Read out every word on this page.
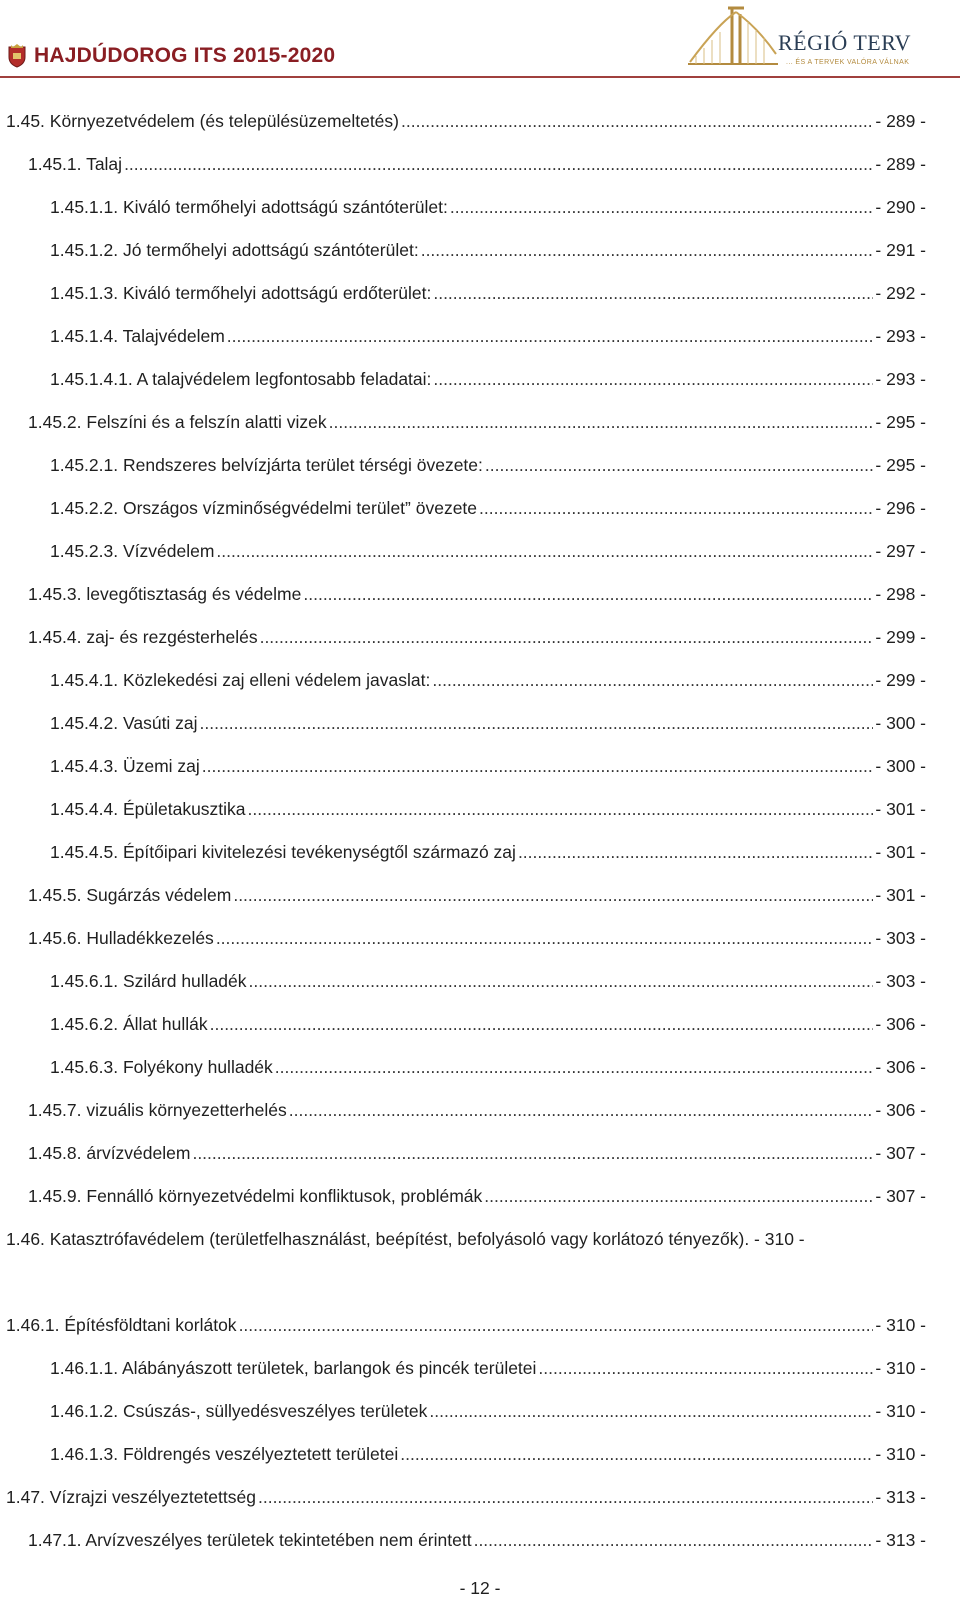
HAJDÚDOROG ITS 2015-2020
RÉGIÓ TERV
... ÉS A TERVEK VALÓRA VÁLNAK
1.45. Környezetvédelem (és településüzemeltetés) .....	- 289 -
1.45.1. Talaj .....	- 289 -
1.45.1.1. Kiváló termőhelyi adottságú szántóterület: .....	- 290 -
1.45.1.2. Jó termőhelyi adottságú szántóterület: .....	- 291 -
1.45.1.3. Kiváló termőhelyi adottságú erdőterület: .....	- 292 -
1.45.1.4. Talajvédelem .....	- 293 -
1.45.1.4.1. A talajvédelem legfontosabb feladatai: .....	- 293 -
1.45.2. Felszíni és a felszín alatti vizek .....	- 295 -
1.45.2.1. Rendszeres belvízjárta terület térségi övezete: .....	- 295 -
1.45.2.2. Országos vízminőségvédelmi terület” övezete .....	- 296 -
1.45.2.3. Vízvédelem .....	- 297 -
1.45.3. levegőtisztaság és védelme .....	- 298 -
1.45.4. zaj- és rezgésterhelés .....	- 299 -
1.45.4.1. Közlekedési zaj elleni védelem javaslat: .....	- 299 -
1.45.4.2. Vasúti zaj .....	- 300 -
1.45.4.3. Üzemi zaj .....	- 300 -
1.45.4.4. Épületakusztika .....	- 301 -
1.45.4.5. Építőipari kivitelezési tevékenységtől származó zaj .....	- 301 -
1.45.5. Sugárzás védelem .....	- 301 -
1.45.6. Hulladékkezelés .....	- 303 -
1.45.6.1. Szilárd hulladék .....	- 303 -
1.45.6.2. Állat hullák .....	- 306 -
1.45.6.3. Folyékony hulladék .....	- 306 -
1.45.7. vizuális környezetterhelés .....	- 306 -
1.45.8. árvízvédelem .....	- 307 -
1.45.9. Fennálló környezetvédelmi konfliktusok, problémák .....	- 307 -
1.46. Katasztrófavédelem (területfelhasználást, beépítést, befolyásoló vagy korlátozó tényezők). - 310 -
1.46.1. Építésföldtani korlátok .....	- 310 -
1.46.1.1. Alábányászott területek, barlangok és pincék területei .....	- 310 -
1.46.1.2. Csúszás-, süllyedésveszélyes területek .....	- 310 -
1.46.1.3. Földrengés veszélyeztetett területei .....	- 310 -
1.47. Vízrajzi veszélyeztetettség .....	- 313 -
1.47.1. Arvízveszélyes területek tekintetében nem érintett .....	- 313 -
- 12 -
